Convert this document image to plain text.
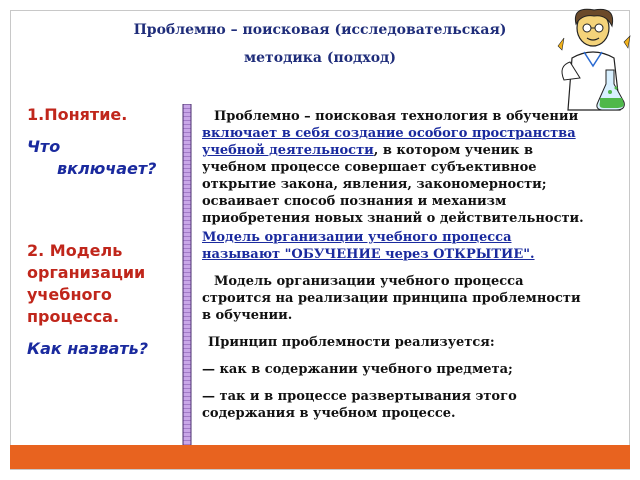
Проблемно – поисковая (исследовательская)
методика (подход)
1.Понятие.
Что
включает?
2. Модель
организации
учебного
процесса.
Как назвать?

Проблемно – поисковая технология в обучении включает в себя создание особого пространства учебной деятельности, в котором ученик в учебном процессе совершает субъективное открытие закона, явления, закономерности; осваивает способ познания и механизм приобретения новых знаний о действительности.

Модель организации учебного процесса называют "ОБУЧЕНИЕ через ОТКРЫТИЕ".

Модель организации учебного процесса строится на реализации принципа проблемности в обучении.

Принцип проблемности реализуется:

— как в содержании учебного предмета;

— так и в процессе развертывания этого содержания в учебном процессе.
